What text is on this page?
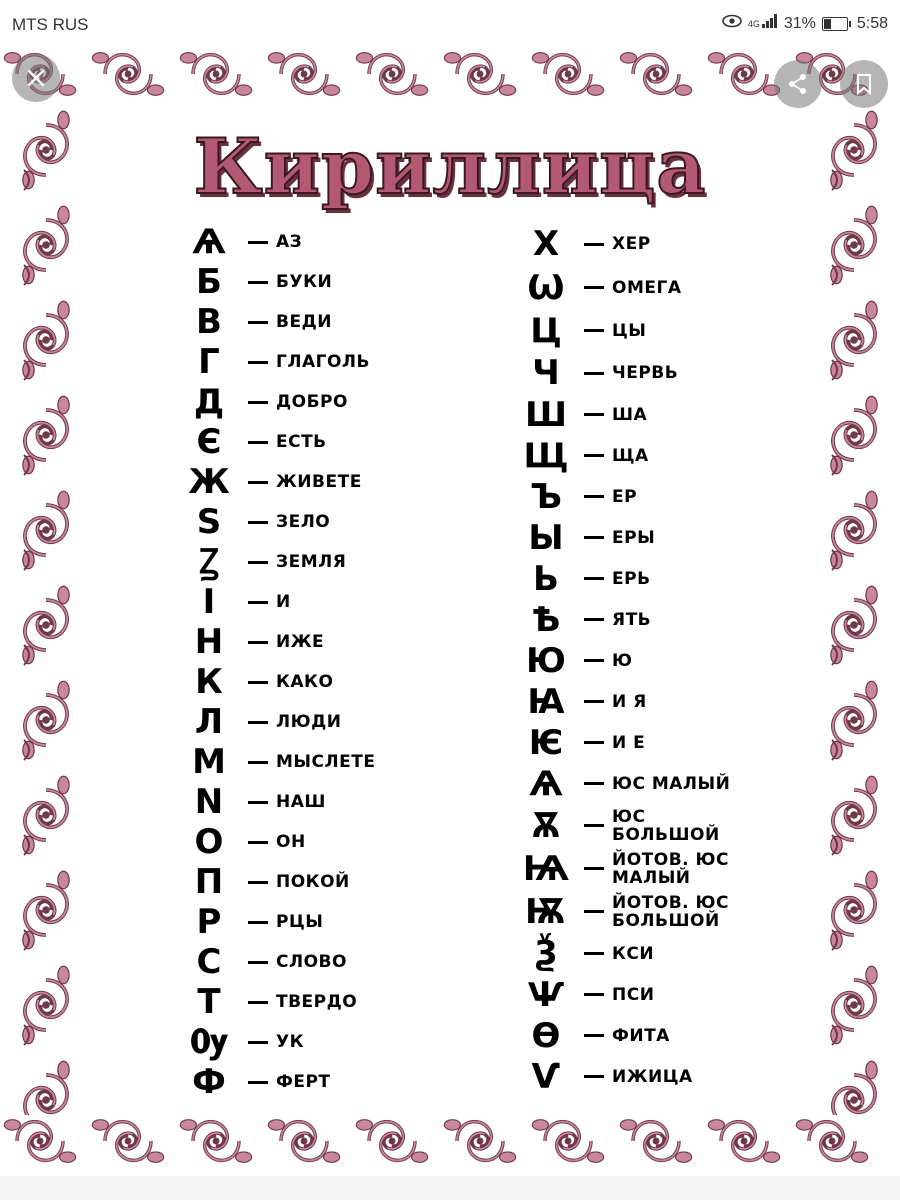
MTS RUS	4G 31%	5:58
Кириллица
Ѧ	АЗ
Б	БУКИ
В	ВЕДИ
Г	ГЛАГОЛЬ
Д	ДОБРО
Є	ЕСТЬ
Ж	ЖИВЕТЕ
Ѕ	ЗЕЛО
Ꙁ	ЗЕМЛЯ
І	И
Н	ИЖЕ
К	КАКО
Л	ЛЮДИ
М	МЫСЛЕТЕ
N	НАШ
О	ОН
П	ПОКОЙ
Р	РЦЫ
С	СЛОВО
Т	ТВЕРДО
Ѹ	УК
Ф	ФЕРТ
Х	ХЕР
Ѡ	ОМЕГА
Ц	ЦЫ
Ч	ЧЕРВЬ
Ш	ША
Щ	ЩА
Ъ	ЕР
Ы	ЕРЫ
Ь	ЕРЬ
Ѣ	ЯТЬ
Ю	Ю
Ꙗ	И Я
Ѥ	И Е
Ѧ	ЮС МАЛЫЙ
Ѫ	ЮС
БОЛЬШОЙ
Ѩ	ЙОТОВ. ЮС
МАЛЫЙ
Ѭ	ЙОТОВ. ЮС
БОЛЬШОЙ
Ѯ	КСИ
Ѱ	ПСИ
Ѳ	ФИТА
Ѵ	ИЖИЦА
